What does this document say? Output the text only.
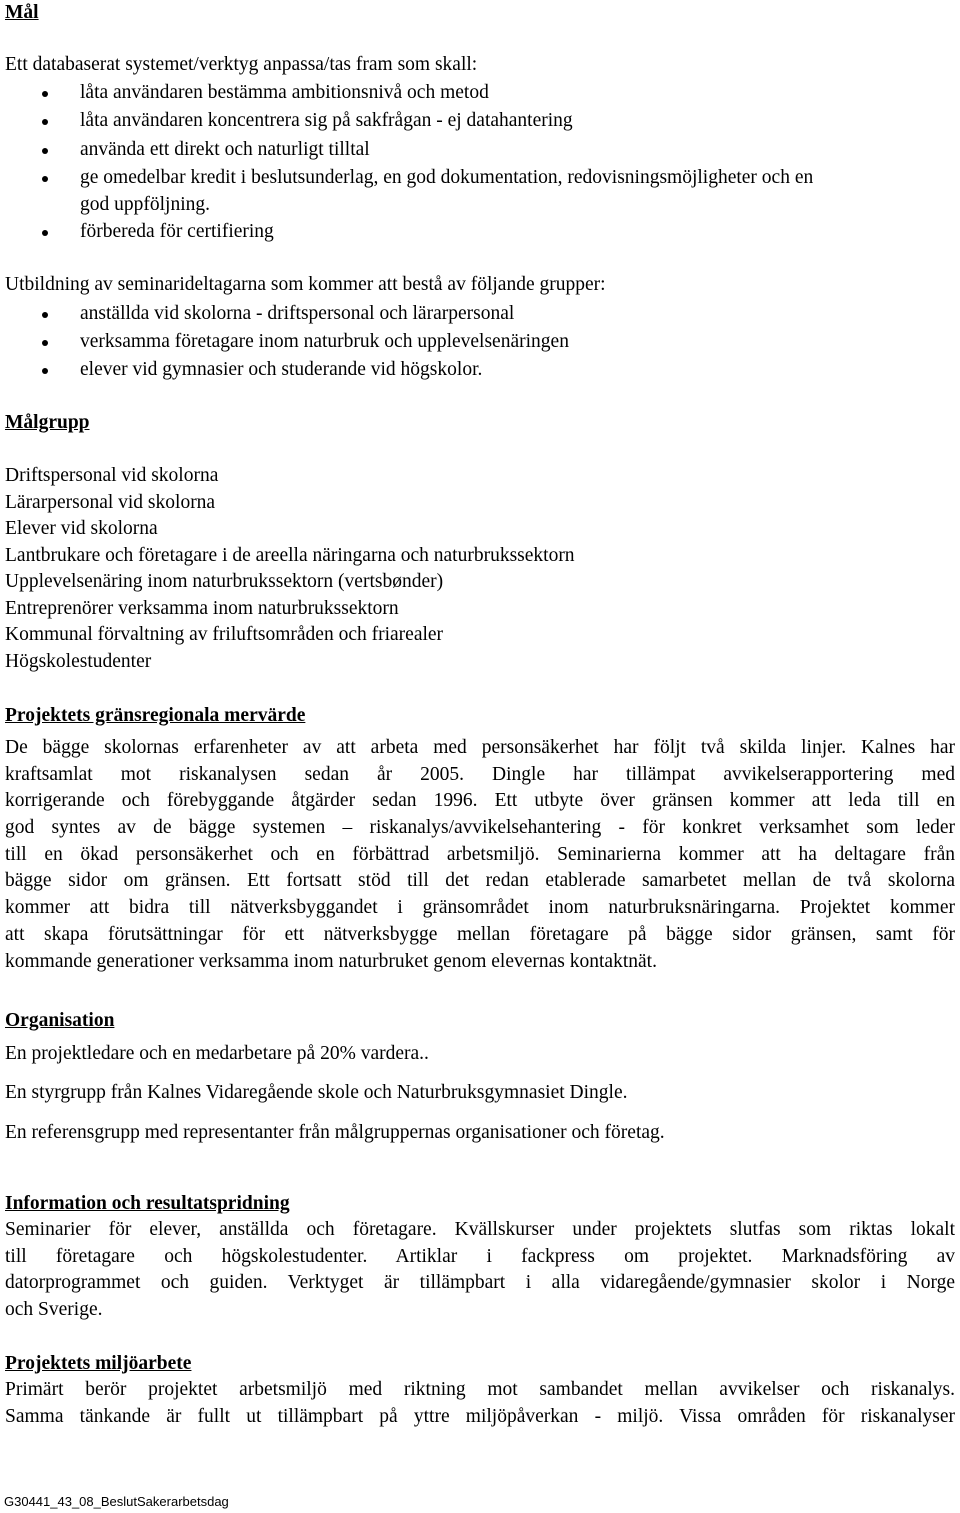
Mål
Ett databaserat systemet/verktyg anpassa/tas fram som skall:
låta användaren bestämma ambitionsnivå och metod
låta användaren koncentrera sig på sakfrågan - ej datahantering
använda ett direkt och naturligt tilltal
ge omedelbar kredit i beslutsunderlag, en god dokumentation, redovisningsmöjligheter och en
god uppföljning.
förbereda för certifiering
Utbildning av seminarideltagarna som kommer att bestå av följande grupper:
anställda vid skolorna - driftspersonal och lärarpersonal
verksamma företagare inom naturbruk och upplevelsenäringen
elever vid gymnasier och studerande vid högskolor.
Målgrupp
Driftspersonal vid skolorna
Lärarpersonal vid skolorna
Elever vid skolorna
Lantbrukare och företagare i de areella näringarna och naturbrukssektorn
Upplevelsenäring inom naturbrukssektorn (vertsbønder)
Entreprenörer verksamma inom naturbrukssektorn
Kommunal förvaltning av friluftsområden och friarealer
Högskolestudenter
Projektets gränsregionala mervärde
De bägge skolornas erfarenheter av att arbeta med personsäkerhet har följt två skilda linjer. Kalnes har
kraftsamlat mot riskanalysen sedan år 2005. Dingle har tillämpat avvikelserapportering med
korrigerande och förebyggande åtgärder sedan 1996. Ett utbyte över gränsen kommer att leda till en
god syntes av de bägge systemen – riskanalys/avvikelsehantering - för konkret verksamhet som leder
till en ökad personsäkerhet och en förbättrad arbetsmiljö. Seminarierna kommer att ha deltagare från
bägge sidor om gränsen. Ett fortsatt stöd till det redan etablerade samarbetet mellan de två skolorna
kommer att bidra till nätverksbyggandet i gränsområdet inom naturbruksnäringarna. Projektet kommer
att skapa förutsättningar för ett nätverksbygge mellan företagare på bägge sidor gränsen, samt för
kommande generationer verksamma inom naturbruket genom elevernas kontaktnät.
Organisation
En projektledare och en medarbetare på 20% vardera..
En styrgrupp från Kalnes Vidaregående skole och Naturbruksgymnasiet Dingle.
En referensgrupp med representanter från målgruppernas organisationer och företag.
Information och resultatspridning
Seminarier för elever, anställda och företagare. Kvällskurser under projektets slutfas som riktas lokalt
till företagare och högskolestudenter. Artiklar i fackpress om projektet. Marknadsföring av
datorprogrammet och guiden. Verktyget är tillämpbart i alla vidaregående/gymnasier skolor i Norge
och Sverige.
Projektets miljöarbete
Primärt berör projektet arbetsmiljö med riktning mot sambandet mellan avvikelser och riskanalys.
Samma tänkande är fullt ut tillämpbart på yttre miljöpåverkan - miljö. Vissa områden för riskanalyser
G30441_43_08_BeslutSakerarbetsdag
